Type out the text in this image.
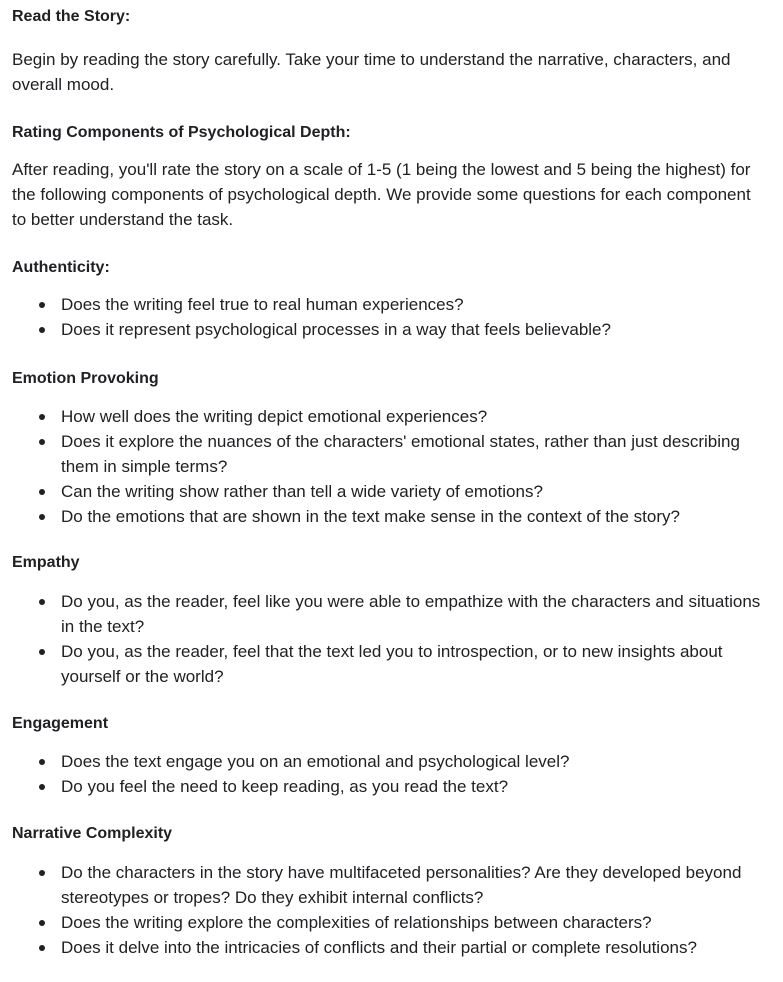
Read the Story:

Begin by reading the story carefully. Take your time to understand the narrative, characters, and overall mood.

Rating Components of Psychological Depth:

After reading, you'll rate the story on a scale of 1-5 (1 being the lowest and 5 being the highest) for the following components of psychological depth. We provide some questions for each component to better understand the task.

Authenticity:
Does the writing feel true to real human experiences?
Does it represent psychological processes in a way that feels believable?
Emotion Provoking
How well does the writing depict emotional experiences?
Does it explore the nuances of the characters' emotional states, rather than just describing them in simple terms?
Can the writing show rather than tell a wide variety of emotions?
Do the emotions that are shown in the text make sense in the context of the story?
Empathy
Do you, as the reader, feel like you were able to empathize with the characters and situations in the text?
Do you, as the reader, feel that the text led you to introspection, or to new insights about yourself or the world?
Engagement
Does the text engage you on an emotional and psychological level?
Do you feel the need to keep reading, as you read the text?
Narrative Complexity
Do the characters in the story have multifaceted personalities? Are they developed beyond stereotypes or tropes? Do they exhibit internal conflicts?
Does the writing explore the complexities of relationships between characters?
Does it delve into the intricacies of conflicts and their partial or complete resolutions?
